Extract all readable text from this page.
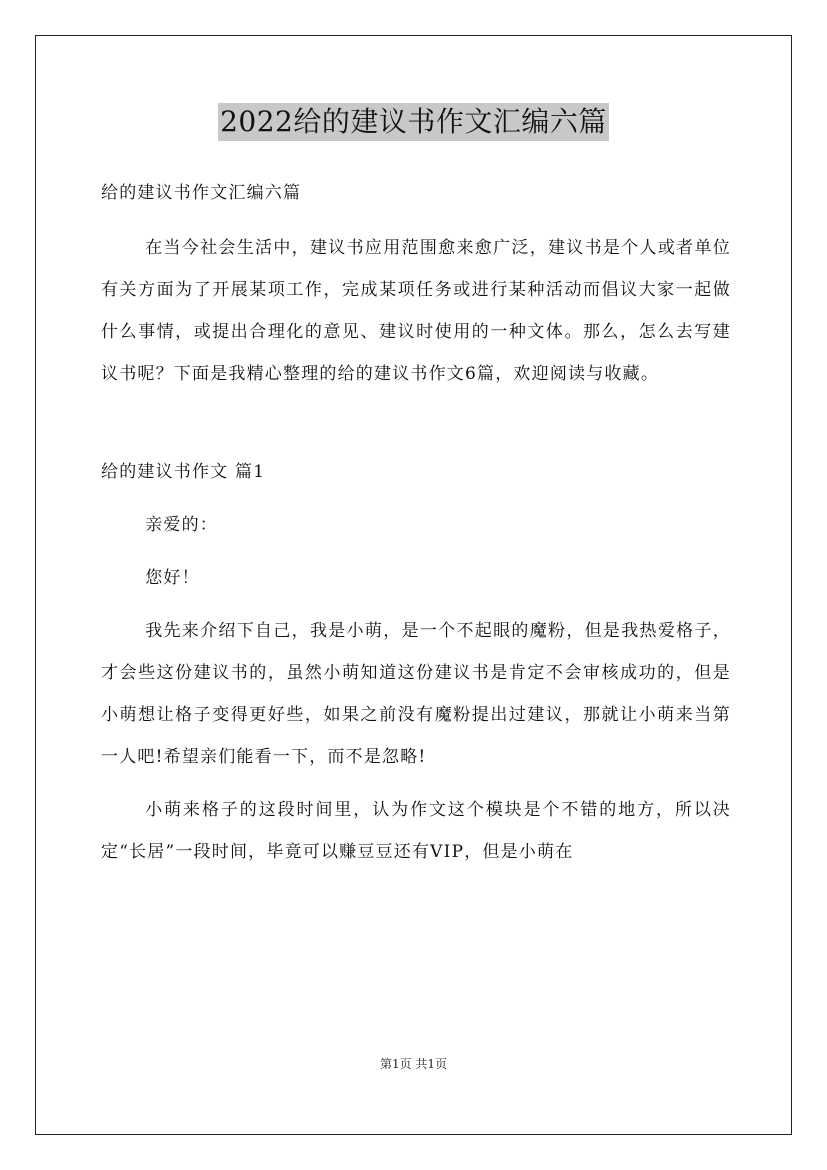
2022给的建议书作文汇编六篇
给的建议书作文汇编六篇

在当今社会生活中，建议书应用范围愈来愈广泛，建议书是个人或者单位有关方面为了开展某项工作，完成某项任务或进行某种活动而倡议大家一起做什么事情，或提出合理化的意见、建议时使用的一种文体。那么，怎么去写建议书呢？下面是我精心整理的给的建议书作文6篇，欢迎阅读与收藏。

给的建议书作文 篇1
亲爱的：
您好！

我先来介绍下自己，我是小萌，是一个不起眼的魔粉，但是我热爱格子，才会些这份建议书的，虽然小萌知道这份建议书是肯定不会审核成功的，但是小萌想让格子变得更好些，如果之前没有魔粉提出过建议，那就让小萌来当第一人吧!希望亲们能看一下，而不是忽略!

小萌来格子的这段时间里，认为作文这个模块是个不错的地方，所以决定“长居”一段时间，毕竟可以赚豆豆还有VIP，但是小萌在

第1页 共1页
